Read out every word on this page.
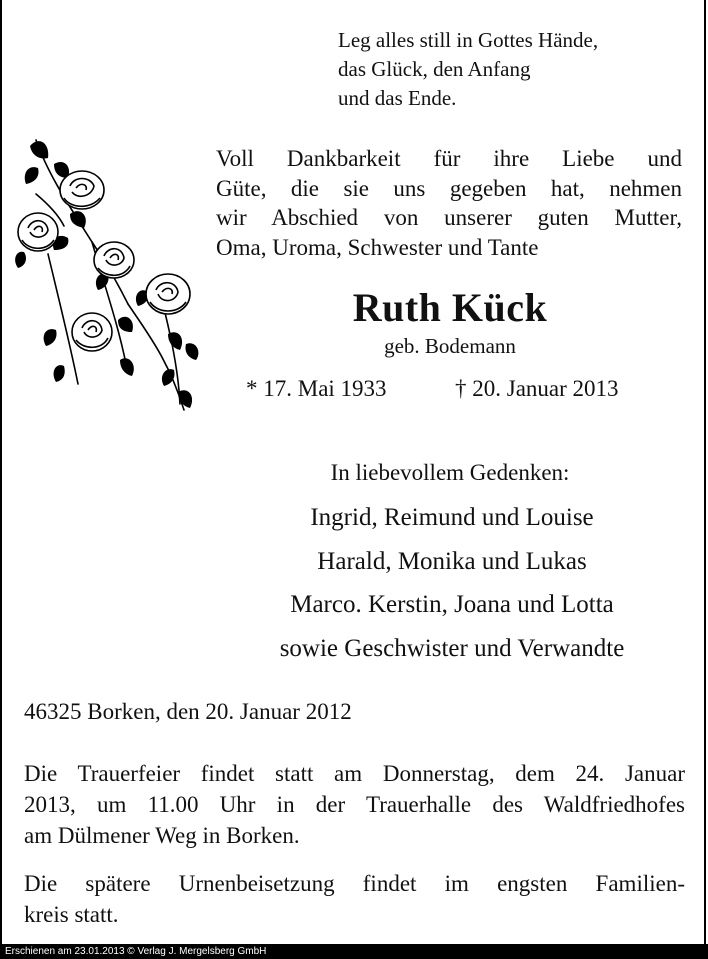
Leg alles still in Gottes Hände,
das Glück, den Anfang
und das Ende.
Voll Dankbarkeit für ihre Liebe und
Güte, die sie uns gegeben hat, nehmen
wir Abschied von unserer guten Mutter,
Oma, Uroma, Schwester und Tante
Ruth Kück
geb. Bodemann
* 17. Mai 1933	† 20. Januar 2013
In liebevollem Gedenken:
Ingrid, Reimund und Louise
Harald, Monika und Lukas
Marco. Kerstin, Joana und Lotta
sowie Geschwister und Verwandte
46325 Borken, den 20. Januar 2012
Die Trauerfeier findet statt am Donnerstag, dem 24. Januar
2013, um 11.00 Uhr in der Trauerhalle des Waldfriedhofes
am Dülmener Weg in Borken.
Die spätere Urnenbeisetzung findet im engsten Familien-
kreis statt.
Erschienen am 23.01.2013 © Verlag J. Mergelsberg GmbH
